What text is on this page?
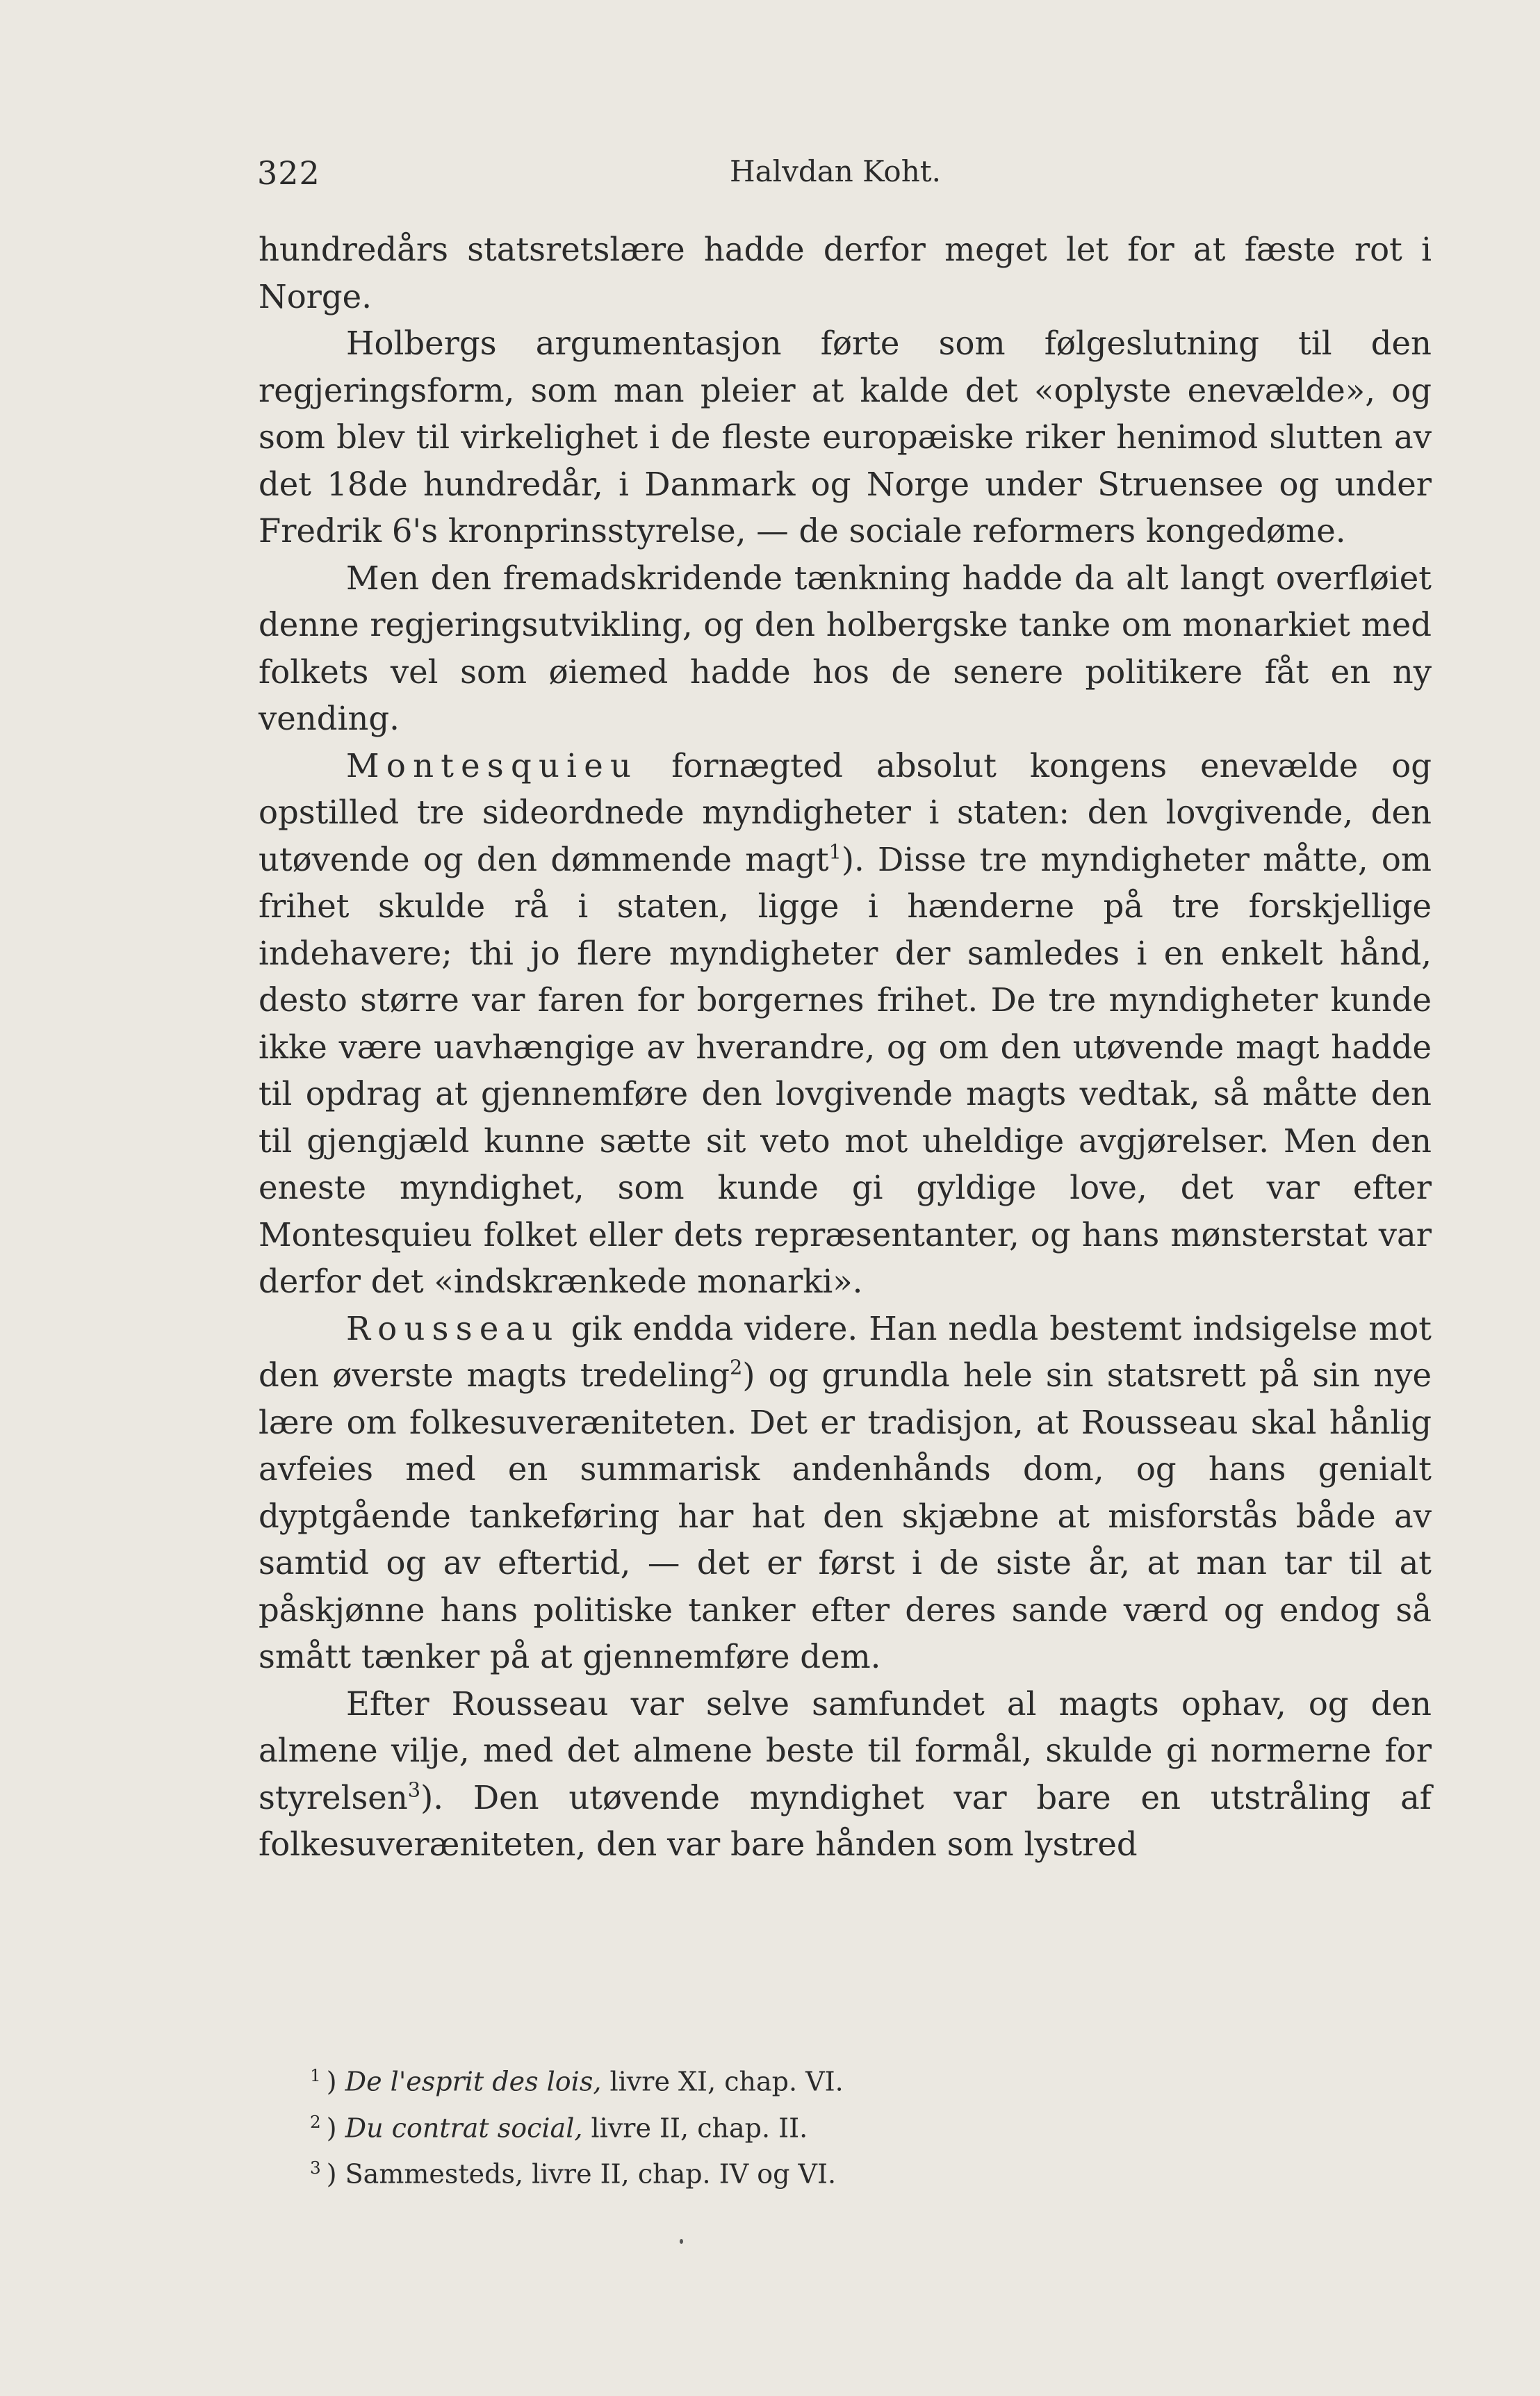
322	Halvdan Koht.

hundredårs statsretslære hadde derfor meget let for at fæste rot i Norge.

Holbergs argumentasjon førte som følgeslutning til den regjeringsform, som man pleier at kalde det «oplyste enevælde», og som blev til virkelighet i de fleste europæiske riker henimod slutten av det 18de hundredår, i Danmark og Norge under Struensee og under Fredrik 6's kronprinsstyrelse, — de sociale reformers kongedøme.

Men den fremadskridende tænkning hadde da alt langt overfløiet denne regjeringsutvikling, og den holbergske tanke om monarkiet med folkets vel som øiemed hadde hos de senere politikere fåt en ny vending.

Montesquieu fornægted absolut kongens enevælde og opstilled tre sideordnede myndigheter i staten: den lovgivende, den utøvende og den dømmende magt$^1$). Disse tre myndigheter måtte, om frihet skulde rå i staten, ligge i hænderne på tre forskjellige indehavere; thi jo flere myndigheter der samledes i en enkelt hånd, desto større var faren for borgernes frihet. De tre myndigheter kunde ikke være uavhængige av hverandre, og om den utøvende magt hadde til opdrag at gjennemføre den lovgivende magts vedtak, så måtte den til gjengjæld kunne sætte sit veto mot uheldige avgjørelser. Men den eneste myndighet, som kunde gi gyldige love, det var efter Montesquieu folket eller dets repræsentanter, og hans mønsterstat var derfor det «indskrænkede monarki».

Rousseau gik endda videre. Han nedla bestemt indsigelse mot den øverste magts tredeling$^2$) og grundla hele sin statsrett på sin nye lære om folkesuveræniteten. Det er tradisjon, at Rousseau skal hånlig avfeies med en summarisk andenhånds dom, og hans genialt dyptgående tankeføring har hat den skjæbne at misforstås både av samtid og av eftertid, — det er først i de siste år, at man tar til at påskjønne hans politiske tanker efter deres sande værd og endog så smått tænker på at gjennemføre dem.

Efter Rousseau var selve samfundet al magts ophav, og den almene vilje, med det almene beste til formål, skulde gi normerne for styrelsen$^3$). Den utøvende myndighet var bare en utstråling af folkesuveræniteten, den var bare hånden som lystred

$^1$ ) De l'esprit des lois, livre XI, chap. VI.
$^2$ ) Du contrat social, livre II, chap. II.
$^3$ ) Sammesteds, livre II, chap. IV og VI.
